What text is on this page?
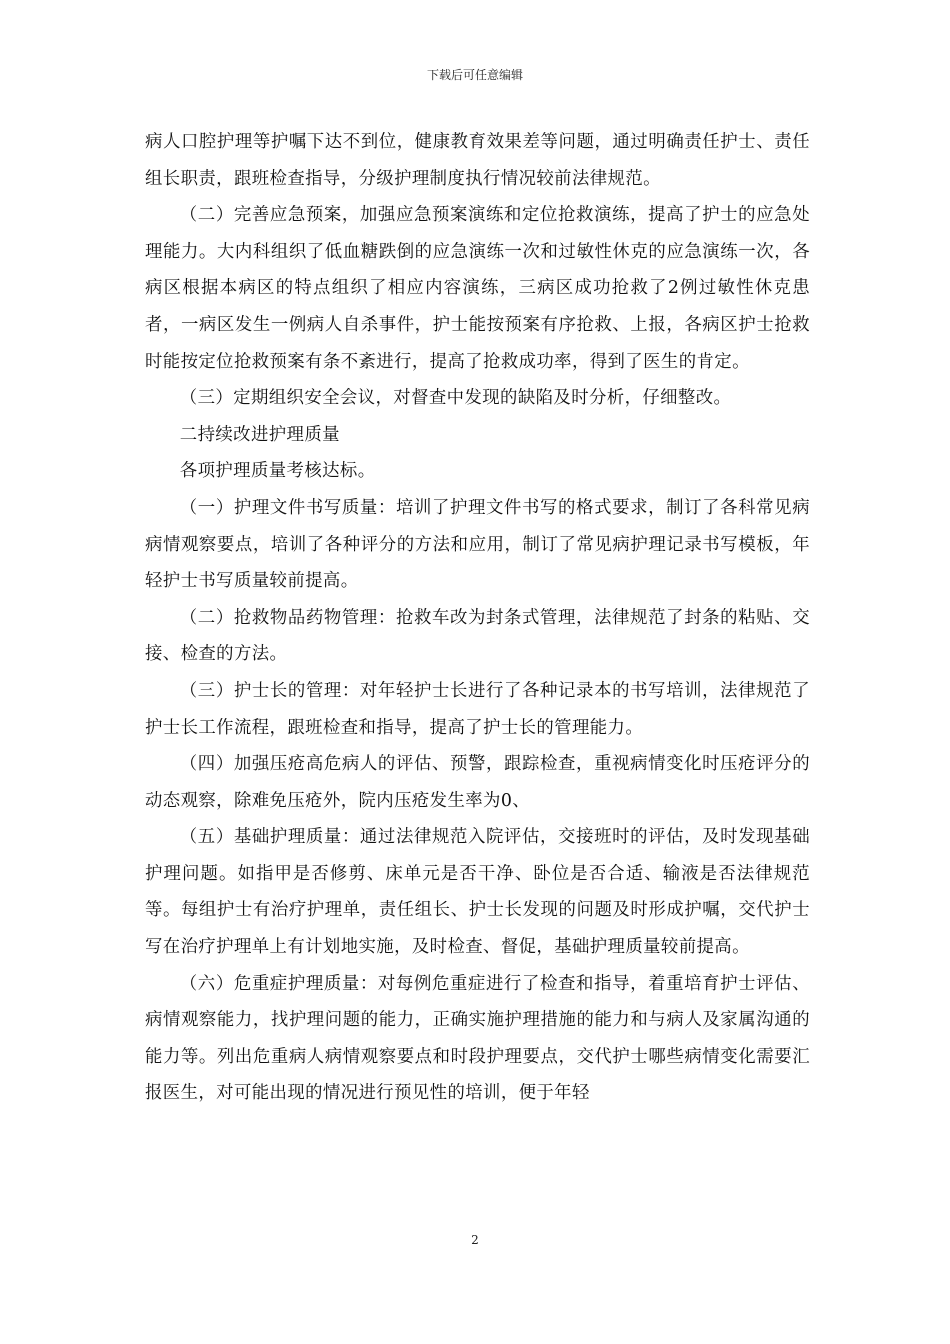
下载后可任意编辑

病人口腔护理等护嘱下达不到位，健康教育效果差等问题，通过明确责任护士、责任组长职责，跟班检查指导，分级护理制度执行情况较前法律规范。

（二）完善应急预案，加强应急预案演练和定位抢救演练，提高了护士的应急处理能力。大内科组织了低血糖跌倒的应急演练一次和过敏性休克的应急演练一次，各病区根据本病区的特点组织了相应内容演练，三病区成功抢救了2例过敏性休克患者，一病区发生一例病人自杀事件，护士能按预案有序抢救、上报，各病区护士抢救时能按定位抢救预案有条不紊进行，提高了抢救成功率，得到了医生的肯定。

（三）定期组织安全会议，对督查中发现的缺陷及时分析，仔细整改。

二持续改进护理质量

各项护理质量考核达标。

（一）护理文件书写质量：培训了护理文件书写的格式要求，制订了各科常见病病情观察要点，培训了各种评分的方法和应用，制订了常见病护理记录书写模板，年轻护士书写质量较前提高。

（二）抢救物品药物管理：抢救车改为封条式管理，法律规范了封条的粘贴、交接、检查的方法。

（三）护士长的管理：对年轻护士长进行了各种记录本的书写培训，法律规范了护士长工作流程，跟班检查和指导，提高了护士长的管理能力。

（四）加强压疮高危病人的评估、预警，跟踪检查，重视病情变化时压疮评分的动态观察，除难免压疮外，院内压疮发生率为0、

（五）基础护理质量：通过法律规范入院评估，交接班时的评估，及时发现基础护理问题。如指甲是否修剪、床单元是否干净、卧位是否合适、输液是否法律规范等。每组护士有治疗护理单，责任组长、护士长发现的问题及时形成护嘱，交代护士写在治疗护理单上有计划地实施，及时检查、督促，基础护理质量较前提高。

（六）危重症护理质量：对每例危重症进行了检查和指导，着重培育护士评估、病情观察能力，找护理问题的能力，正确实施护理措施的能力和与病人及家属沟通的能力等。列出危重病人病情观察要点和时段护理要点，交代护士哪些病情变化需要汇报医生，对可能出现的情况进行预见性的培训，便于年轻

2
